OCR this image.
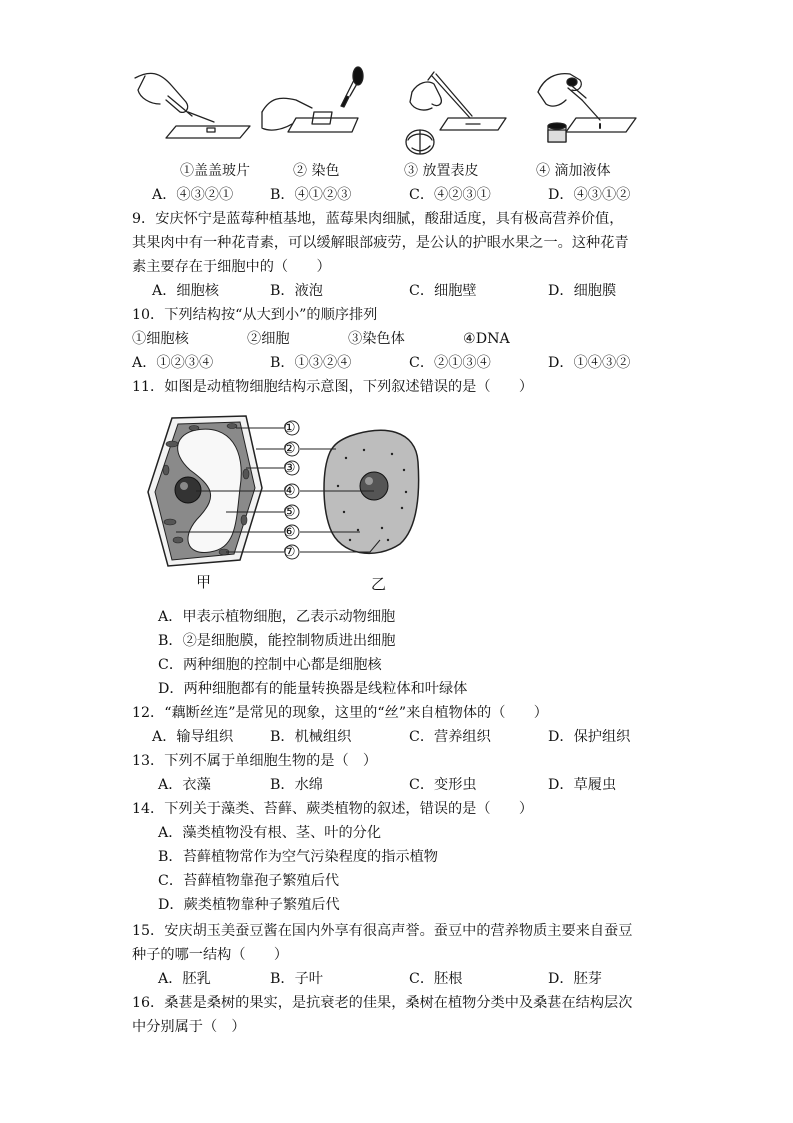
①盖盖玻片	② 染色	③ 放置表皮	④ 滴加液体
A．④③②①	B．④①②③	C．④②③①	D．④③①②
9．安庆怀宁是蓝莓种植基地，蓝莓果肉细腻，酸甜适度，具有极高营养价值，
其果肉中有一种花青素，可以缓解眼部疲劳，是公认的护眼水果之一。这种花青
素主要存在于细胞中的（　　）
A．细胞核	B．液泡	C．细胞壁	D．细胞膜
10．下列结构按“从大到小”的顺序排列
①细胞核	②细胞	③染色体	④DNA
A．①②③④	B．①③②④	C．②①③④	D．①④③②
11．如图是动植物细胞结构示意图，下列叙述错误的是（　　）
①
②
③
④
⑤
⑥
⑦
甲	乙
A．甲表示植物细胞，乙表示动物细胞
B．②是细胞膜，能控制物质进出细胞
C．两种细胞的控制中心都是细胞核
D．两种细胞都有的能量转换器是线粒体和叶绿体
12．“藕断丝连”是常见的现象，这里的“丝”来自植物体的（　　）
A．输导组织	B．机械组织	C．营养组织	D．保护组织
13．下列不属于单细胞生物的是（　）
A．衣藻	B．水绵	C．变形虫	D．草履虫
14．下列关于藻类、苔藓、蕨类植物的叙述，错误的是（　　）
A．藻类植物没有根、茎、叶的分化
B．苔藓植物常作为空气污染程度的指示植物
C．苔藓植物靠孢子繁殖后代
D．蕨类植物靠种子繁殖后代
15．安庆胡玉美蚕豆酱在国内外享有很高声誉。蚕豆中的营养物质主要来自蚕豆
种子的哪一结构（　　）
A．胚乳	B．子叶	C．胚根	D．胚芽
16．桑葚是桑树的果实，是抗衰老的佳果，桑树在植物分类中及桑葚在结构层次
中分别属于（　）
